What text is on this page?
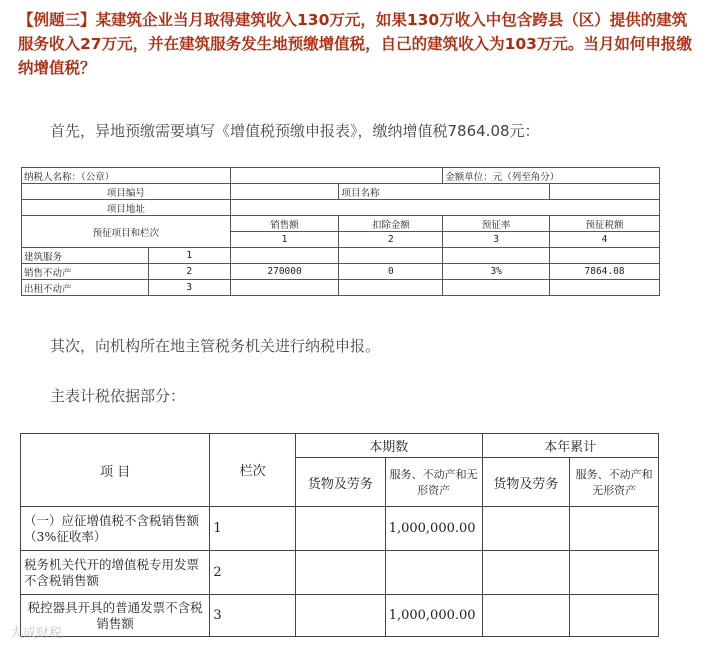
【例题三】某建筑企业当月取得建筑收入130万元，如果130万收入中包含跨县（区）提供的建筑服务收入27万元，并在建筑服务发生地预缴增值税，自己的建筑收入为103万元。当月如何申报缴纳增值税？

首先，异地预缴需要填写《增值税预缴申报表》，缴纳增值税7864.08元：

纳税人名称：（公章）				金额单位：元（列至角分）	
项目编号			项目名称		
项目地址					
预征项目和栏次		销售额	扣除金额	预征率	预征税额
		1	2	3	4
建筑服务	1				
销售不动产	2	270000	0	3%	7864.08
出租不动产	3				

其次，向机构所在地主管税务机关进行纳税申报。

主表计税依据部分：

项 目	栏次	本期数		本年累计	
		货物及劳务	服务、不动产和无形资产	货物及劳务	服务、不动产和无形资产
（一）应征增值税不含税销售额（3%征收率）	1		1,000,000.00		
税务机关代开的增值税专用发票不含税销售额	2				
税控器具开具的普通发票不含税销售额	3		1,000,000.00		
大成财税
